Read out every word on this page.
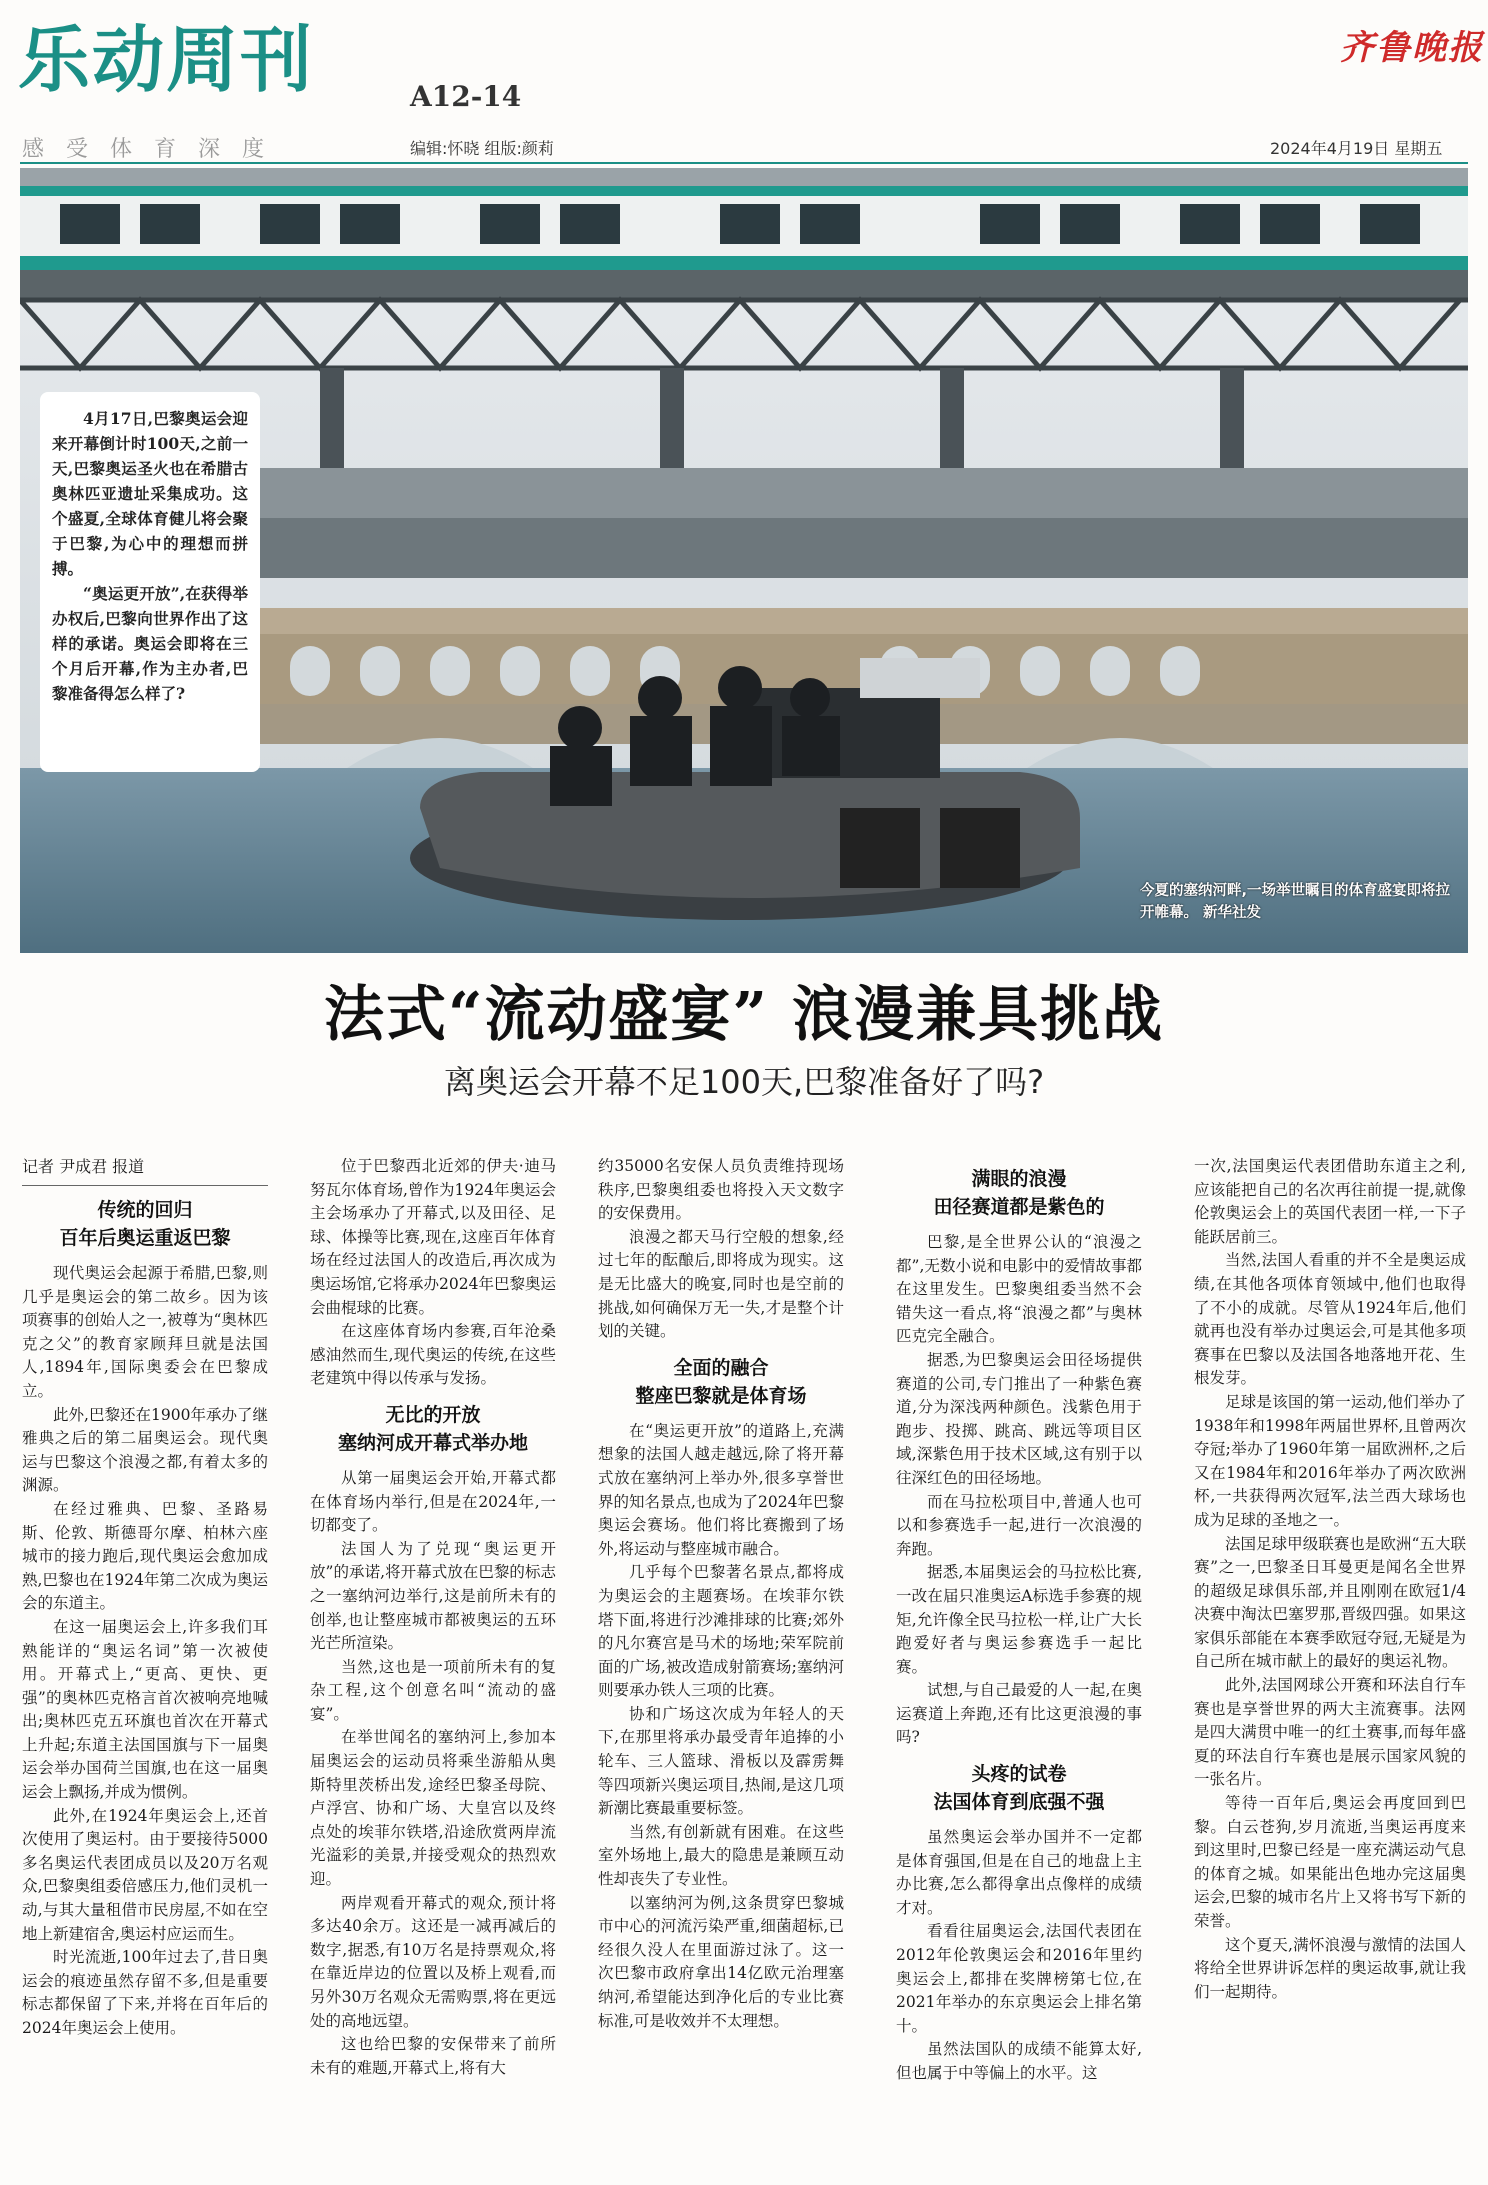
乐动周刊	A12-14
感受体育深度	编辑:怀晓 组版:颜莉
齐鲁晚报
2024年4月19日 星期五

4月17日,巴黎奥运会迎来开幕倒计时100天,之前一天,巴黎奥运圣火也在希腊古奥林匹亚遗址采集成功。这个盛夏,全球体育健儿将会聚于巴黎,为心中的理想而拼搏。

“奥运更开放”,在获得举办权后,巴黎向世界作出了这样的承诺。奥运会即将在三个月后开幕,作为主办者,巴黎准备得怎么样了?

今夏的塞纳河畔,一场举世瞩目的体育盛宴即将拉开帷幕。 新华社发
法式“流动盛宴” 浪漫兼具挑战
离奥运会开幕不足100天,巴黎准备好了吗?

记者 尹成君 报道

传统的回归
百年后奥运重返巴黎

现代奥运会起源于希腊,巴黎,则几乎是奥运会的第二故乡。因为该项赛事的创始人之一,被尊为“奥林匹克之父”的教育家顾拜旦就是法国人,1894年,国际奥委会在巴黎成立。

此外,巴黎还在1900年承办了继雅典之后的第二届奥运会。现代奥运与巴黎这个浪漫之都,有着太多的渊源。

在经过雅典、巴黎、圣路易斯、伦敦、斯德哥尔摩、柏林六座城市的接力跑后,现代奥运会愈加成熟,巴黎也在1924年第二次成为奥运会的东道主。

在这一届奥运会上,许多我们耳熟能详的“奥运名词”第一次被使用。开幕式上,“更高、更快、更强”的奥林匹克格言首次被响亮地喊出;奥林匹克五环旗也首次在开幕式上升起;东道主法国国旗与下一届奥运会举办国荷兰国旗,也在这一届奥运会上飘扬,并成为惯例。

此外,在1924年奥运会上,还首次使用了奥运村。由于要接待5000多名奥运代表团成员以及20万名观众,巴黎奥组委倍感压力,他们灵机一动,与其大量租借市民房屋,不如在空地上新建宿舍,奥运村应运而生。

时光流逝,100年过去了,昔日奥运会的痕迹虽然存留不多,但是重要标志都保留了下来,并将在百年后的2024年奥运会上使用。

位于巴黎西北近郊的伊夫·迪马努瓦尔体育场,曾作为1924年奥运会主会场承办了开幕式,以及田径、足球、体操等比赛,现在,这座百年体育场在经过法国人的改造后,再次成为奥运场馆,它将承办2024年巴黎奥运会曲棍球的比赛。

在这座体育场内参赛,百年沧桑感油然而生,现代奥运的传统,在这些老建筑中得以传承与发扬。

无比的开放
塞纳河成开幕式举办地

从第一届奥运会开始,开幕式都在体育场内举行,但是在2024年,一切都变了。

法国人为了兑现“奥运更开放”的承诺,将开幕式放在巴黎的标志之一塞纳河边举行,这是前所未有的创举,也让整座城市都被奥运的五环光芒所渲染。

当然,这也是一项前所未有的复杂工程,这个创意名叫“流动的盛宴”。

在举世闻名的塞纳河上,参加本届奥运会的运动员将乘坐游船从奥斯特里茨桥出发,途经巴黎圣母院、卢浮宫、协和广场、大皇宫以及终点处的埃菲尔铁塔,沿途欣赏两岸流光溢彩的美景,并接受观众的热烈欢迎。

两岸观看开幕式的观众,预计将多达40余万。这还是一减再减后的数字,据悉,有10万名是持票观众,将在靠近岸边的位置以及桥上观看,而另外30万名观众无需购票,将在更远处的高地远望。

这也给巴黎的安保带来了前所未有的难题,开幕式上,将有大

约35000名安保人员负责维持现场秩序,巴黎奥组委也将投入天文数字的安保费用。

浪漫之都天马行空般的想象,经过七年的酝酿后,即将成为现实。这是无比盛大的晚宴,同时也是空前的挑战,如何确保万无一失,才是整个计划的关键。

全面的融合
整座巴黎就是体育场

在“奥运更开放”的道路上,充满想象的法国人越走越远,除了将开幕式放在塞纳河上举办外,很多享誉世界的知名景点,也成为了2024年巴黎奥运会赛场。他们将比赛搬到了场外,将运动与整座城市融合。

几乎每个巴黎著名景点,都将成为奥运会的主题赛场。在埃菲尔铁塔下面,将进行沙滩排球的比赛;郊外的凡尔赛宫是马术的场地;荣军院前面的广场,被改造成射箭赛场;塞纳河则要承办铁人三项的比赛。

协和广场这次成为年轻人的天下,在那里将承办最受青年追捧的小轮车、三人篮球、滑板以及霹雳舞等四项新兴奥运项目,热闹,是这几项新潮比赛最重要标签。

当然,有创新就有困难。在这些室外场地上,最大的隐患是兼顾互动性却丧失了专业性。

以塞纳河为例,这条贯穿巴黎城市中心的河流污染严重,细菌超标,已经很久没人在里面游过泳了。这一次巴黎市政府拿出14亿欧元治理塞纳河,希望能达到净化后的专业比赛标准,可是收效并不太理想。

满眼的浪漫
田径赛道都是紫色的

巴黎,是全世界公认的“浪漫之都”,无数小说和电影中的爱情故事都在这里发生。巴黎奥组委当然不会错失这一看点,将“浪漫之都”与奥林匹克完全融合。

据悉,为巴黎奥运会田径场提供赛道的公司,专门推出了一种紫色赛道,分为深浅两种颜色。浅紫色用于跑步、投掷、跳高、跳远等项目区域,深紫色用于技术区域,这有别于以往深红色的田径场地。

而在马拉松项目中,普通人也可以和参赛选手一起,进行一次浪漫的奔跑。

据悉,本届奥运会的马拉松比赛,一改在届只准奥运A标选手参赛的规矩,允许像全民马拉松一样,让广大长跑爱好者与奥运参赛选手一起比赛。

试想,与自己最爱的人一起,在奥运赛道上奔跑,还有比这更浪漫的事吗?

头疼的试卷
法国体育到底强不强

虽然奥运会举办国并不一定都是体育强国,但是在自己的地盘上主办比赛,怎么都得拿出点像样的成绩才对。

看看往届奥运会,法国代表团在2012年伦敦奥运会和2016年里约奥运会上,都排在奖牌榜第七位,在2021年举办的东京奥运会上排名第十。

虽然法国队的成绩不能算太好,但也属于中等偏上的水平。这

一次,法国奥运代表团借助东道主之利,应该能把自己的名次再往前提一提,就像伦敦奥运会上的英国代表团一样,一下子能跃居前三。

当然,法国人看重的并不全是奥运成绩,在其他各项体育领域中,他们也取得了不小的成就。尽管从1924年后,他们就再也没有举办过奥运会,可是其他多项赛事在巴黎以及法国各地落地开花、生根发芽。

足球是该国的第一运动,他们举办了1938年和1998年两届世界杯,且曾两次夺冠;举办了1960年第一届欧洲杯,之后又在1984年和2016年举办了两次欧洲杯,一共获得两次冠军,法兰西大球场也成为足球的圣地之一。

法国足球甲级联赛也是欧洲“五大联赛”之一,巴黎圣日耳曼更是闻名全世界的超级足球俱乐部,并且刚刚在欧冠1/4决赛中淘汰巴塞罗那,晋级四强。如果这家俱乐部能在本赛季欧冠夺冠,无疑是为自己所在城市献上的最好的奥运礼物。

此外,法国网球公开赛和环法自行车赛也是享誉世界的两大主流赛事。法网是四大满贯中唯一的红土赛事,而每年盛夏的环法自行车赛也是展示国家风貌的一张名片。

等待一百年后,奥运会再度回到巴黎。白云苍狗,岁月流逝,当奥运再度来到这里时,巴黎已经是一座充满运动气息的体育之城。如果能出色地办完这届奥运会,巴黎的城市名片上又将书写下新的荣誉。

这个夏天,满怀浪漫与激情的法国人将给全世界讲诉怎样的奥运故事,就让我们一起期待。
